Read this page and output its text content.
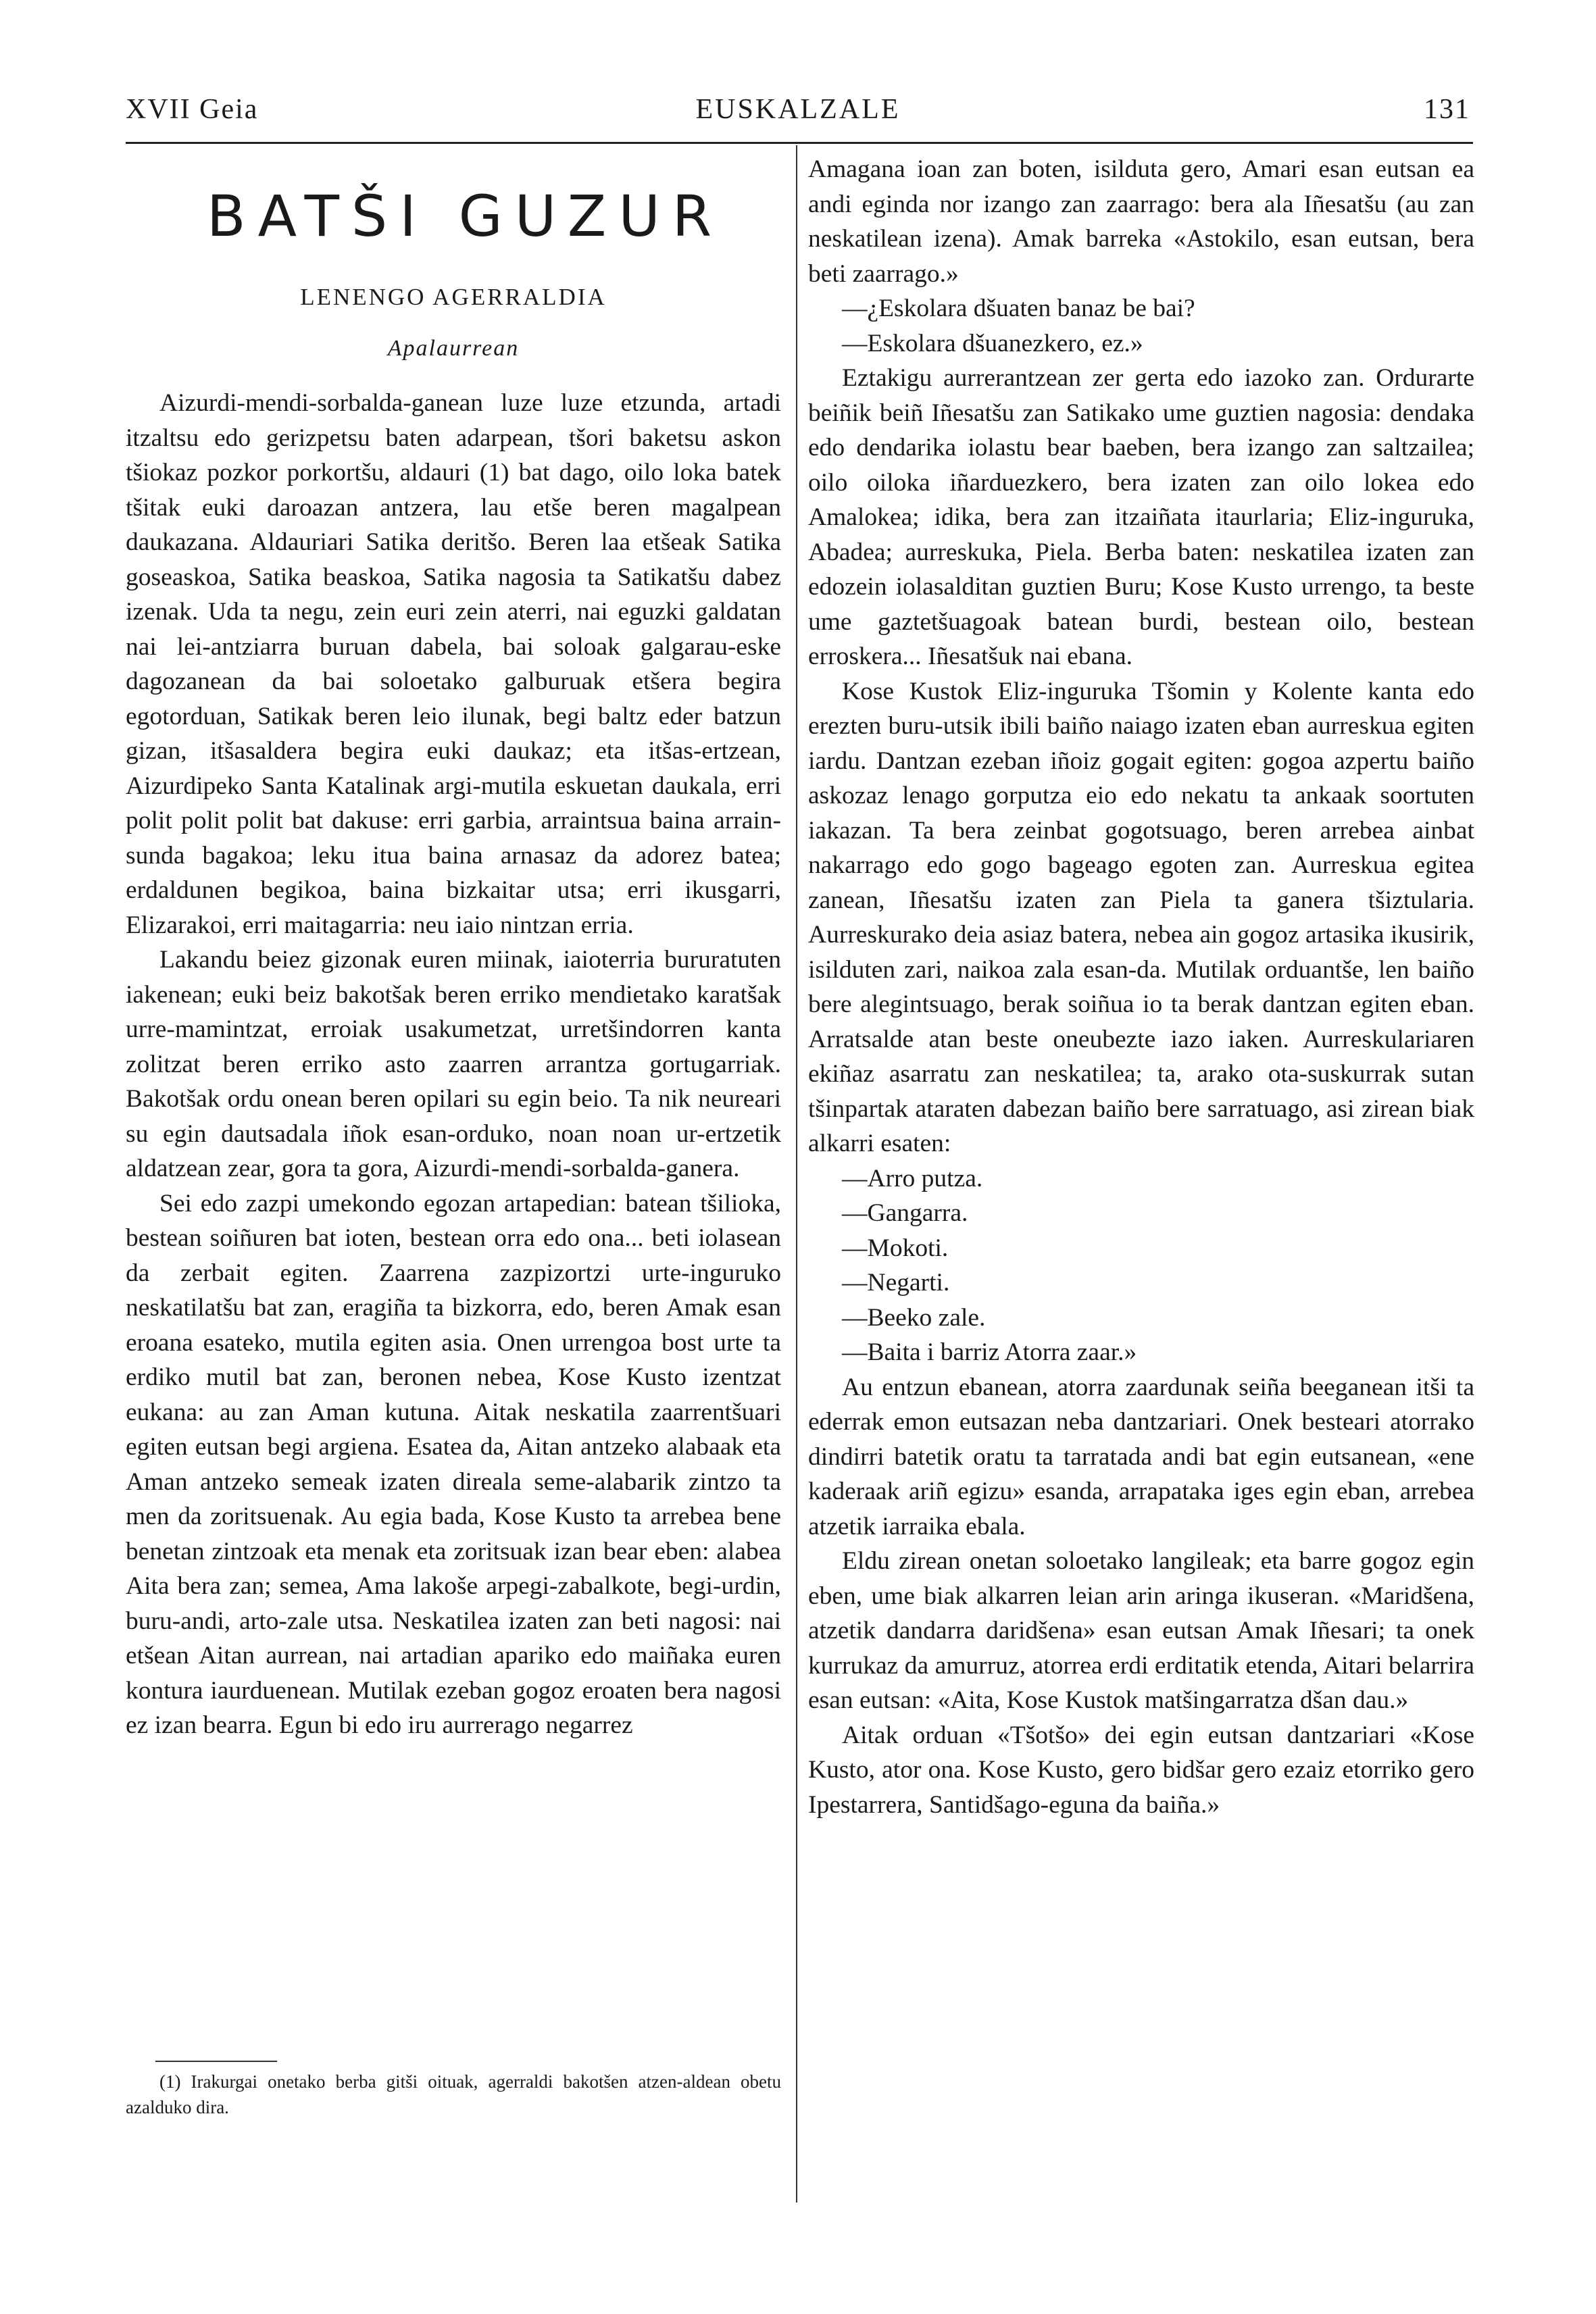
XVII Geia	EUSKALZALE	131
BATŠI GUZUR
LENENGO AGERRALDIA
Apalaurrean

Aizurdi-mendi-sorbalda-ganean luze luze etzunda, artadi itzaltsu edo gerizpetsu baten adarpean, tšori baketsu askon tšiokaz pozkor porkortšu, aldauri (1) bat dago, oilo loka batek tšitak euki daroazan antzera, lau etše beren magalpean daukazana. Aldauriari Satika deritšo. Beren laa etšeak Satika goseaskoa, Satika beaskoa, Satika nagosia ta Satikatšu dabez izenak. Uda ta negu, zein euri zein aterri, nai eguzki galdatan nai lei-antziarra buruan dabela, bai soloak galgarau-eske dagozanean da bai soloetako galburuak etšera begira egotorduan, Satikak beren leio ilunak, begi baltz eder batzun gizan, itšasaldera begira euki daukaz; eta itšas-ertzean, Aizurdipeko Santa Katalinak argi-mutila eskuetan daukala, erri polit polit polit bat dakuse: erri garbia, arraintsua baina arrain-sunda bagakoa; leku itua baina arnasaz da adorez batea; erdaldunen begikoa, baina bizkaitar utsa; erri ikusgarri, Elizarakoi, erri maitagarria: neu iaio nintzan erria.

Lakandu beiez gizonak euren miinak, iaioterria bururatuten iakenean; euki beiz bakotšak beren erriko mendietako karatšak urre-mamintzat, erroiak usakumetzat, urretšindorren kanta zolitzat beren erriko asto zaarren arrantza gortugarriak. Bakotšak ordu onean beren opilari su egin beio. Ta nik neureari su egin dautsadala iñok esan-orduko, noan noan ur-ertzetik aldatzean zear, gora ta gora, Aizurdi-mendi-sorbalda-ganera.

Sei edo zazpi umekondo egozan artapedian: batean tšilioka, bestean soiñuren bat ioten, bestean orra edo ona... beti iolasean da zerbait egiten. Zaarrena zazpizortzi urte-inguruko neskatilatšu bat zan, eragiña ta bizkorra, edo, beren Amak esan eroana esateko, mutila egiten asia. Onen urrengoa bost urte ta erdiko mutil bat zan, beronen nebea, Kose Kusto izentzat eukana: au zan Aman kutuna. Aitak neskatila zaarrentšuari egiten eutsan begi argiena. Esatea da, Aitan antzeko alabaak eta Aman antzeko semeak izaten direala seme-alabarik zintzo ta men da zoritsuenak. Au egia bada, Kose Kusto ta arrebea bene benetan zintzoak eta menak eta zoritsuak izan bear eben: alabea Aita bera zan; semea, Ama lakoše arpegi-zabalkote, begi-urdin, buru-andi, arto-zale utsa. Neskatilea izaten zan beti nagosi: nai etšean Aitan aurrean, nai artadian apariko edo maiñaka euren kontura iaurduenean. Mutilak ezeban gogoz eroaten bera nagosi ez izan bearra. Egun bi edo iru aurrerago negarrez

Amagana ioan zan boten, isilduta gero, Amari esan eutsan ea andi eginda nor izango zan zaarrago: bera ala Iñesatšu (au zan neskatilean izena). Amak barreka «Astokilo, esan eutsan, bera beti zaarrago.»

—¿Eskolara dšuaten banaz be bai?

—Eskolara dšuanezkero, ez.»

Eztakigu aurrerantzean zer gerta edo iazoko zan. Ordurarte beiñik beiñ Iñesatšu zan Satikako ume guztien nagosia: dendaka edo dendarika iolastu bear baeben, bera izango zan saltzailea; oilo oiloka iñarduezkero, bera izaten zan oilo lokea edo Amalokea; idika, bera zan itzaiñata itaurlaria; Eliz-inguruka, Abadea; aurreskuka, Piela. Berba baten: neskatilea izaten zan edozein iolasalditan guztien Buru; Kose Kusto urrengo, ta beste ume gaztetšuagoak batean burdi, bestean oilo, bestean erroskera... Iñesatšuk nai ebana.

Kose Kustok Eliz-inguruka Tšomin y Kolente kanta edo erezten buru-utsik ibili baiño naiago izaten eban aurreskua egiten iardu. Dantzan ezeban iñoiz gogait egiten: gogoa azpertu baiño askozaz lenago gorputza eio edo nekatu ta ankaak soortuten iakazan. Ta bera zeinbat gogotsuago, beren arrebea ainbat nakarrago edo gogo bageago egoten zan. Aurreskua egitea zanean, Iñesatšu izaten zan Piela ta ganera tšiztularia. Aurreskurako deia asiaz batera, nebea ain gogoz artasika ikusirik, isilduten zari, naikoa zala esan-da. Mutilak orduantše, len baiño bere alegintsuago, berak soiñua io ta berak dantzan egiten eban. Arratsalde atan beste oneubezte iazo iaken. Aurreskulariaren ekiñaz asarratu zan neskatilea; ta, arako ota-suskurrak sutan tšinpartak ataraten dabezan baiño bere sarratuago, asi zirean biak alkarri esaten:

—Arro putza.

—Gangarra.

—Mokoti.

—Negarti.

—Beeko zale.

—Baita i barriz Atorra zaar.»

Au entzun ebanean, atorra zaardunak seiña beeganean itši ta ederrak emon eutsazan neba dantzariari. Onek besteari atorrako dindirri batetik oratu ta tarratada andi bat egin eutsanean, «ene kaderaak ariñ egizu» esanda, arrapataka iges egin eban, arrebea atzetik iarraika ebala.

Eldu zirean onetan soloetako langileak; eta barre gogoz egin eben, ume biak alkarren leian arin aringa ikuseran. «Maridšena, atzetik dandarra daridšena» esan eutsan Amak Iñesari; ta onek kurrukaz da amurruz, atorrea erdi erditatik etenda, Aitari belarrira esan eutsan: «Aita, Kose Kustok matšingarratza dšan dau.»

Aitak orduan «Tšotšo» dei egin eutsan dantzariari «Kose Kusto, ator ona. Kose Kusto, gero bidšar gero ezaiz etorriko gero Ipestarrera, Santidšago-eguna da baiña.»

(1) Irakurgai onetako berba gitši oituak, agerraldi bakotšen atzen-aldean obetu azalduko dira.
